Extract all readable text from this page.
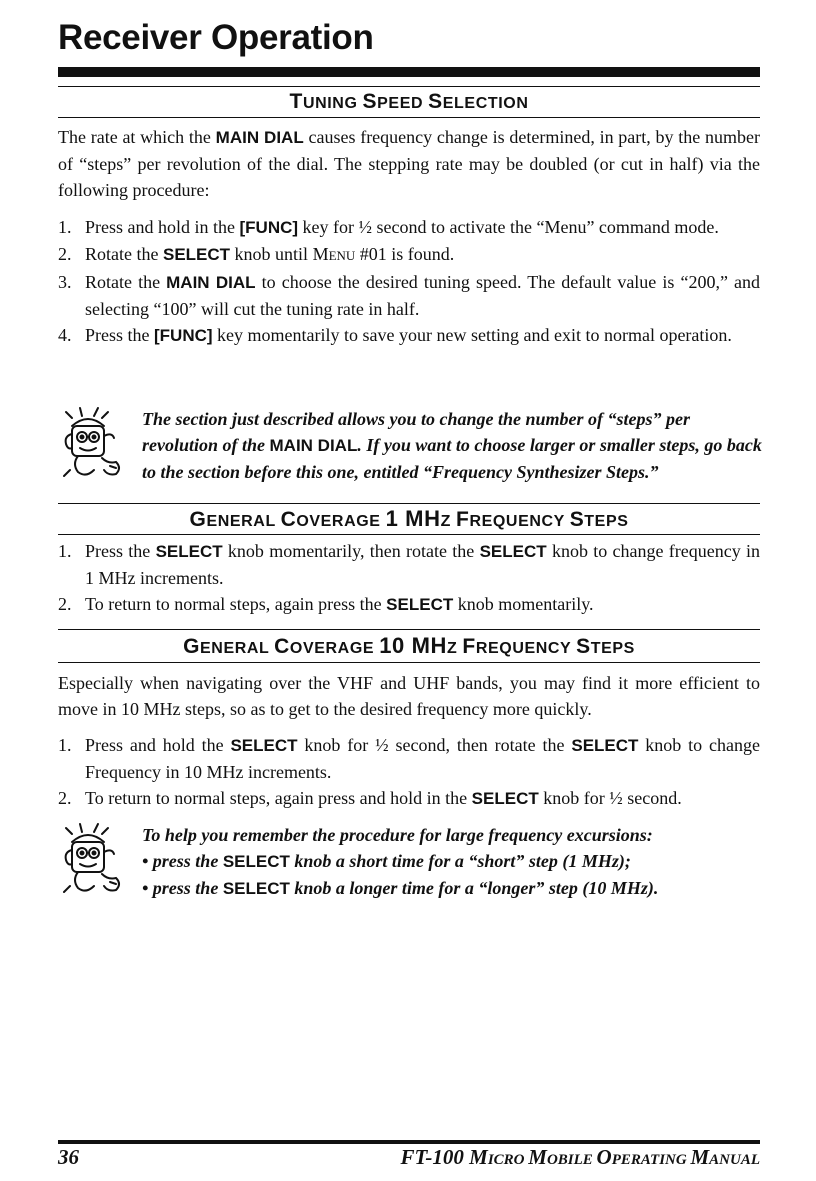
Receiver Operation
TUNING SPEED SELECTION
The rate at which the MAIN DIAL causes frequency change is determined, in part, by the number of “steps” per revolution of the dial. The stepping rate may be doubled (or cut in half) via the following procedure:
1. Press and hold in the [FUNC] key for ½ second to activate the “Menu” command mode.
2. Rotate the SELECT knob until MENU #01 is found.
3. Rotate the MAIN DIAL to choose the desired tuning speed. The default value is “200,” and selecting “100” will cut the tuning rate in half.
4. Press the [FUNC] key momentarily to save your new setting and exit to normal operation.
The section just described allows you to change the number of “steps” per revolution of the MAIN DIAL. If you want to choose larger or smaller steps, go back to the section before this one, entitled “Frequency Synthesizer Steps.”
GENERAL COVERAGE 1 MHZ FREQUENCY STEPS
1. Press the SELECT knob momentarily, then rotate the SELECT knob to change frequency in 1 MHz increments.
2. To return to normal steps, again press the SELECT knob momentarily.
GENERAL COVERAGE 10 MHZ FREQUENCY STEPS
Especially when navigating over the VHF and UHF bands, you may find it more efficient to move in 10 MHz steps, so as to get to the desired frequency more quickly.
1. Press and hold the SELECT knob for ½ second, then rotate the SELECT knob to change Frequency in 10 MHz increments.
2. To return to normal steps, again press and hold in the SELECT knob for ½ second.
To help you remember the procedure for large frequency excursions:
• press the SELECT knob a short time for a “short” step (1 MHz);
• press the SELECT knob a longer time for a “longer” step (10 MHz).
36	FT-100 MICRO MOBILE OPERATING MANUAL
